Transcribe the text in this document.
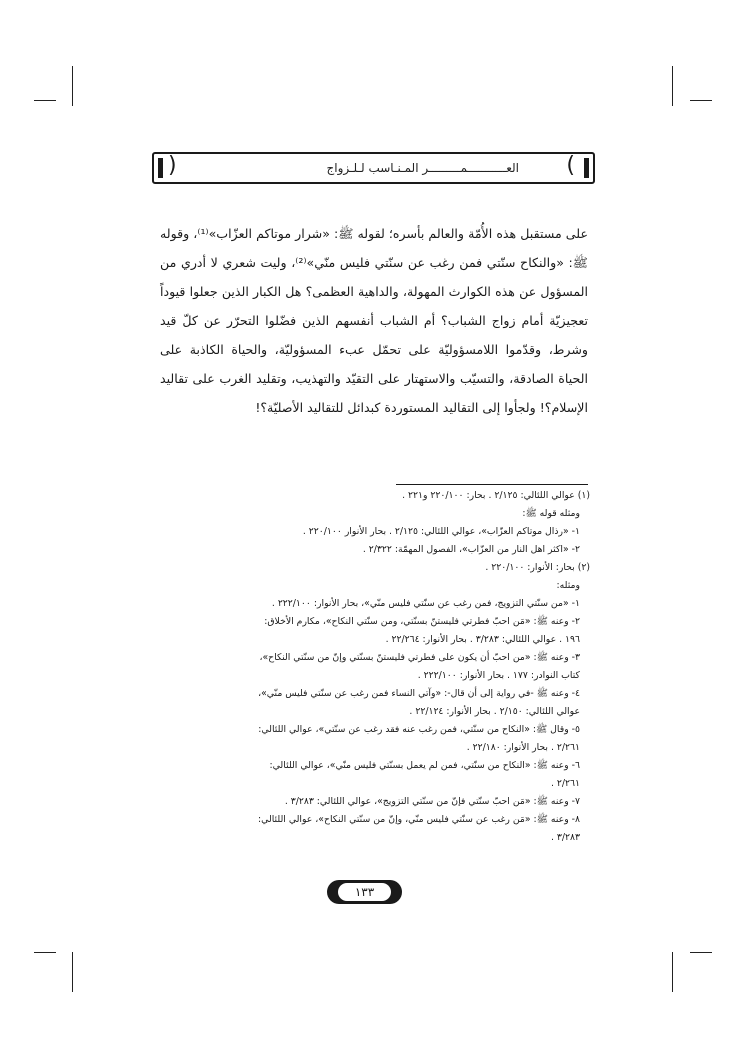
)	العـــــــــــمـــــــــر المـنـاسب لـلـزواج (

على مستقبل هذه الأُمّة والعالم بأسره؛ لقوله ﷺ: «شرار موتاكم العزّاب»⁽¹⁾، وقوله ﷺ: «والنكاح سنّتي فمن رغب عن سنّتي فليس منّي»⁽²⁾، وليت شعري لا أدري من المسؤول عن هذه الكوارث المهولة، والداهية العظمى؟ هل الكبار الذين جعلوا قيوداً تعجيزيّة أمام زواج الشباب؟ أم الشباب أنفسهم الذين فضّلوا التحرّر عن كلّ قيد وشرط، وقدّموا اللامسؤوليّة على تحمّل عبء المسؤوليّة، والحياة الكاذبة على الحياة الصادقة، والتسيّب والاستهتار على التقيّد والتهذيب، وتقليد الغرب على تقاليد الإسلام؟! ولجأوا إلى التقاليد المستوردة كبدائل للتقاليد الأصليّة؟!

(١) عوالي اللئالي: ٢/١٢٥ . بحار: ٢٢٠/١٠٠ و٢٢١ .

ومثله قوله ﷺ:

١- «رذال موتاكم العزّاب»، عوالي اللئالي: ٢/١٢٥ . بحار الأنوار ٢٢٠/١٠٠ .

٢- «اكثر اهل النار من العزّاب»، الفصول المهمّة: ٢/٣٢٢ .

(٢) بحار: الأنوار: ٢٢٠/١٠٠ .

ومثله:

١- «من سنّتي التزويج، فمن رغب عن سنّتي فليس منّي»، بحار الأنوار: ٢٢٢/١٠٠ .

٢- وعنه ﷺ: «مَن احبّ فطرتي فليستنّ بسنّتي، ومن سنّتي النكاح»، مكارم الأخلاق:

١٩٦ . عوالي اللئالي: ٣/٢٨٣ . بحار الأنوار: ٢٢/٢٦٤ .

٣- وعنه ﷺ: «من احبّ أن يكون على فطرتي فليستنّ بسنّتي وإنّ من سنّتي النكاح»،

كتاب النوادر: ١٧٧ . بحار الأنوار: ٢٢٢/١٠٠ .

٤- وعنه ﷺ -في رواية إلى أن قال-: «وآتي النساء فمن رغب عن سنّتي فليس منّي»،

عوالي اللئالي: ٢/١٥٠ . بحار الأنوار: ٢٢/١٢٤ .

٥- وقال ﷺ: «النكاح من سنّتي، فمن رغب عنه فقد رغب عن سنّتي»، عوالي اللئالي:

٢/٢٦١ . بحار الأنوار: ٢٢/١٨٠ .

٦- وعنه ﷺ: «النكاح من سنّتي، فمن لم يعمل بسنّتي فليس منّي»، عوالي اللئالي:

٢/٢٦١ .

٧- وعنه ﷺ: «مَن احبّ سنّتي فإنّ من سنّتي التزويج»، عوالي اللئالي: ٣/٢٨٣ .

٨- وعنه ﷺ: «مَن رغب عن سنّتي فليس منّي، وإنّ من سنّتي النكاح»، عوالي اللئالي:

٣/٢٨٣ .

١٣٣
